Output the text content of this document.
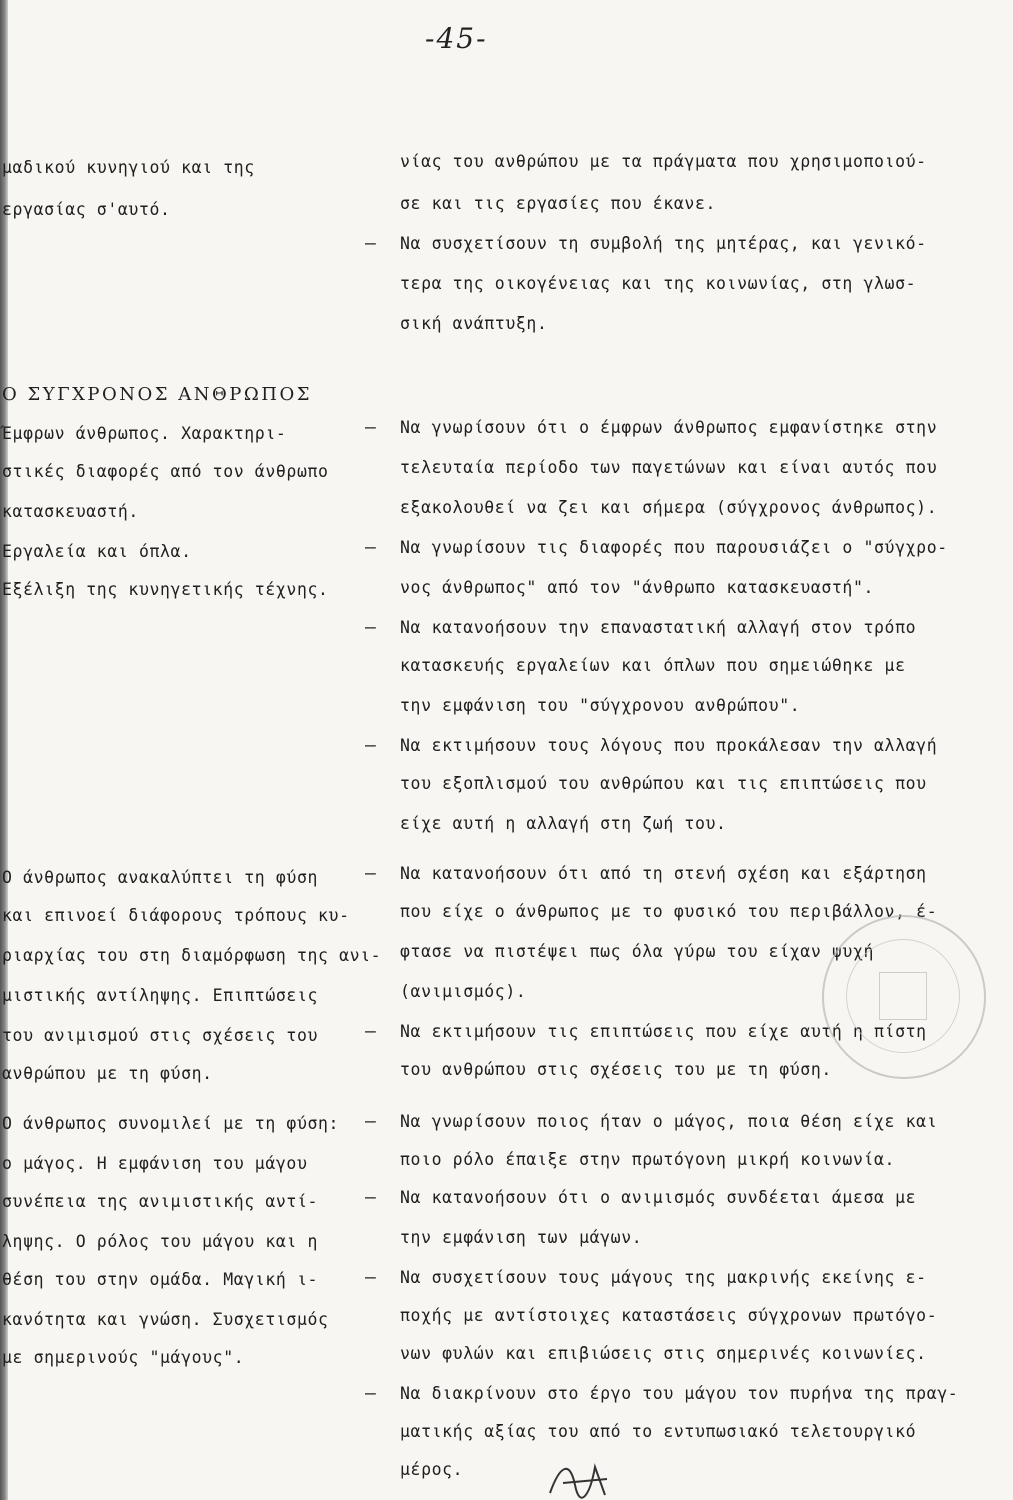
-45-
μαδικού κυνηγιού και της
εργασίας σ'αυτό.
Ο ΣΥΓΧΡΟΝΟΣ ΑΝΘΡΩΠΟΣ
Έμφρων άνθρωπος. Χαρακτηρι-
στικές διαφορές από τον άνθρωπο
κατασκευαστή.
Εργαλεία και όπλα.
Εξέλιξη της κυνηγετικής τέχνης.
Ο άνθρωπος ανακαλύπτει τη φύση
και επινοεί διάφορους τρόπους κυ-
ριαρχίας του στη διαμόρφωση της ανι-
μιστικής αντίληψης. Επιπτώσεις
του ανιμισμού στις σχέσεις του
ανθρώπου με τη φύση.
Ο άνθρωπος συνομιλεί με τη φύση:
ο μάγος. Η εμφάνιση του μάγου
συνέπεια της ανιμιστικής αντί-
ληψης. Ο ρόλος του μάγου και η
θέση του στην ομάδα. Μαγική ι-
κανότητα και γνώση. Συσχετισμός
με σημερινούς "μάγους".
νίας του ανθρώπου με τα πράγματα που χρησιμοποιού-
σε και τις εργασίες που έκανε.
– Να συσχετίσουν τη συμβολή της μητέρας, και γενικό-
τερα της οικογένειας και της κοινωνίας, στη γλωσ-
σική ανάπτυξη.
– Να γνωρίσουν ότι ο έμφρων άνθρωπος εμφανίστηκε στην
τελευταία περίοδο των παγετώνων και είναι αυτός που
εξακολουθεί να ζει και σήμερα (σύγχρονος άνθρωπος).
– Να γνωρίσουν τις διαφορές που παρουσιάζει ο "σύγχρο-
νος άνθρωπος" από τον "άνθρωπο κατασκευαστή".
– Να κατανοήσουν την επαναστατική αλλαγή στον τρόπο
κατασκευής εργαλείων και όπλων που σημειώθηκε με
την εμφάνιση του "σύγχρονου ανθρώπου".
– Να εκτιμήσουν τους λόγους που προκάλεσαν την αλλαγή
του εξοπλισμού του ανθρώπου και τις επιπτώσεις που
είχε αυτή η αλλαγή στη ζωή του.
– Να κατανοήσουν ότι από τη στενή σχέση και εξάρτηση
που είχε ο άνθρωπος με το φυσικό του περιβάλλον, έ-
φτασε να πιστέψει πως όλα γύρω του είχαν ψυχή
(ανιμισμός).
– Να εκτιμήσουν τις επιπτώσεις που είχε αυτή η πίστη
του ανθρώπου στις σχέσεις του με τη φύση.
– Να γνωρίσουν ποιος ήταν ο μάγος, ποια θέση είχε και
ποιο ρόλο έπαιξε στην πρωτόγονη μικρή κοινωνία.
– Να κατανοήσουν ότι ο ανιμισμός συνδέεται άμεσα με
την εμφάνιση των μάγων.
– Να συσχετίσουν τους μάγους της μακρινής εκείνης ε-
ποχής με αντίστοιχες καταστάσεις σύγχρονων πρωτόγο-
νων φυλών και επιβιώσεις στις σημερινές κοινωνίες.
– Να διακρίνουν στο έργο του μάγου τον πυρήνα της πραγ-
ματικής αξίας του από το εντυπωσιακό τελετουργικό
μέρος.
